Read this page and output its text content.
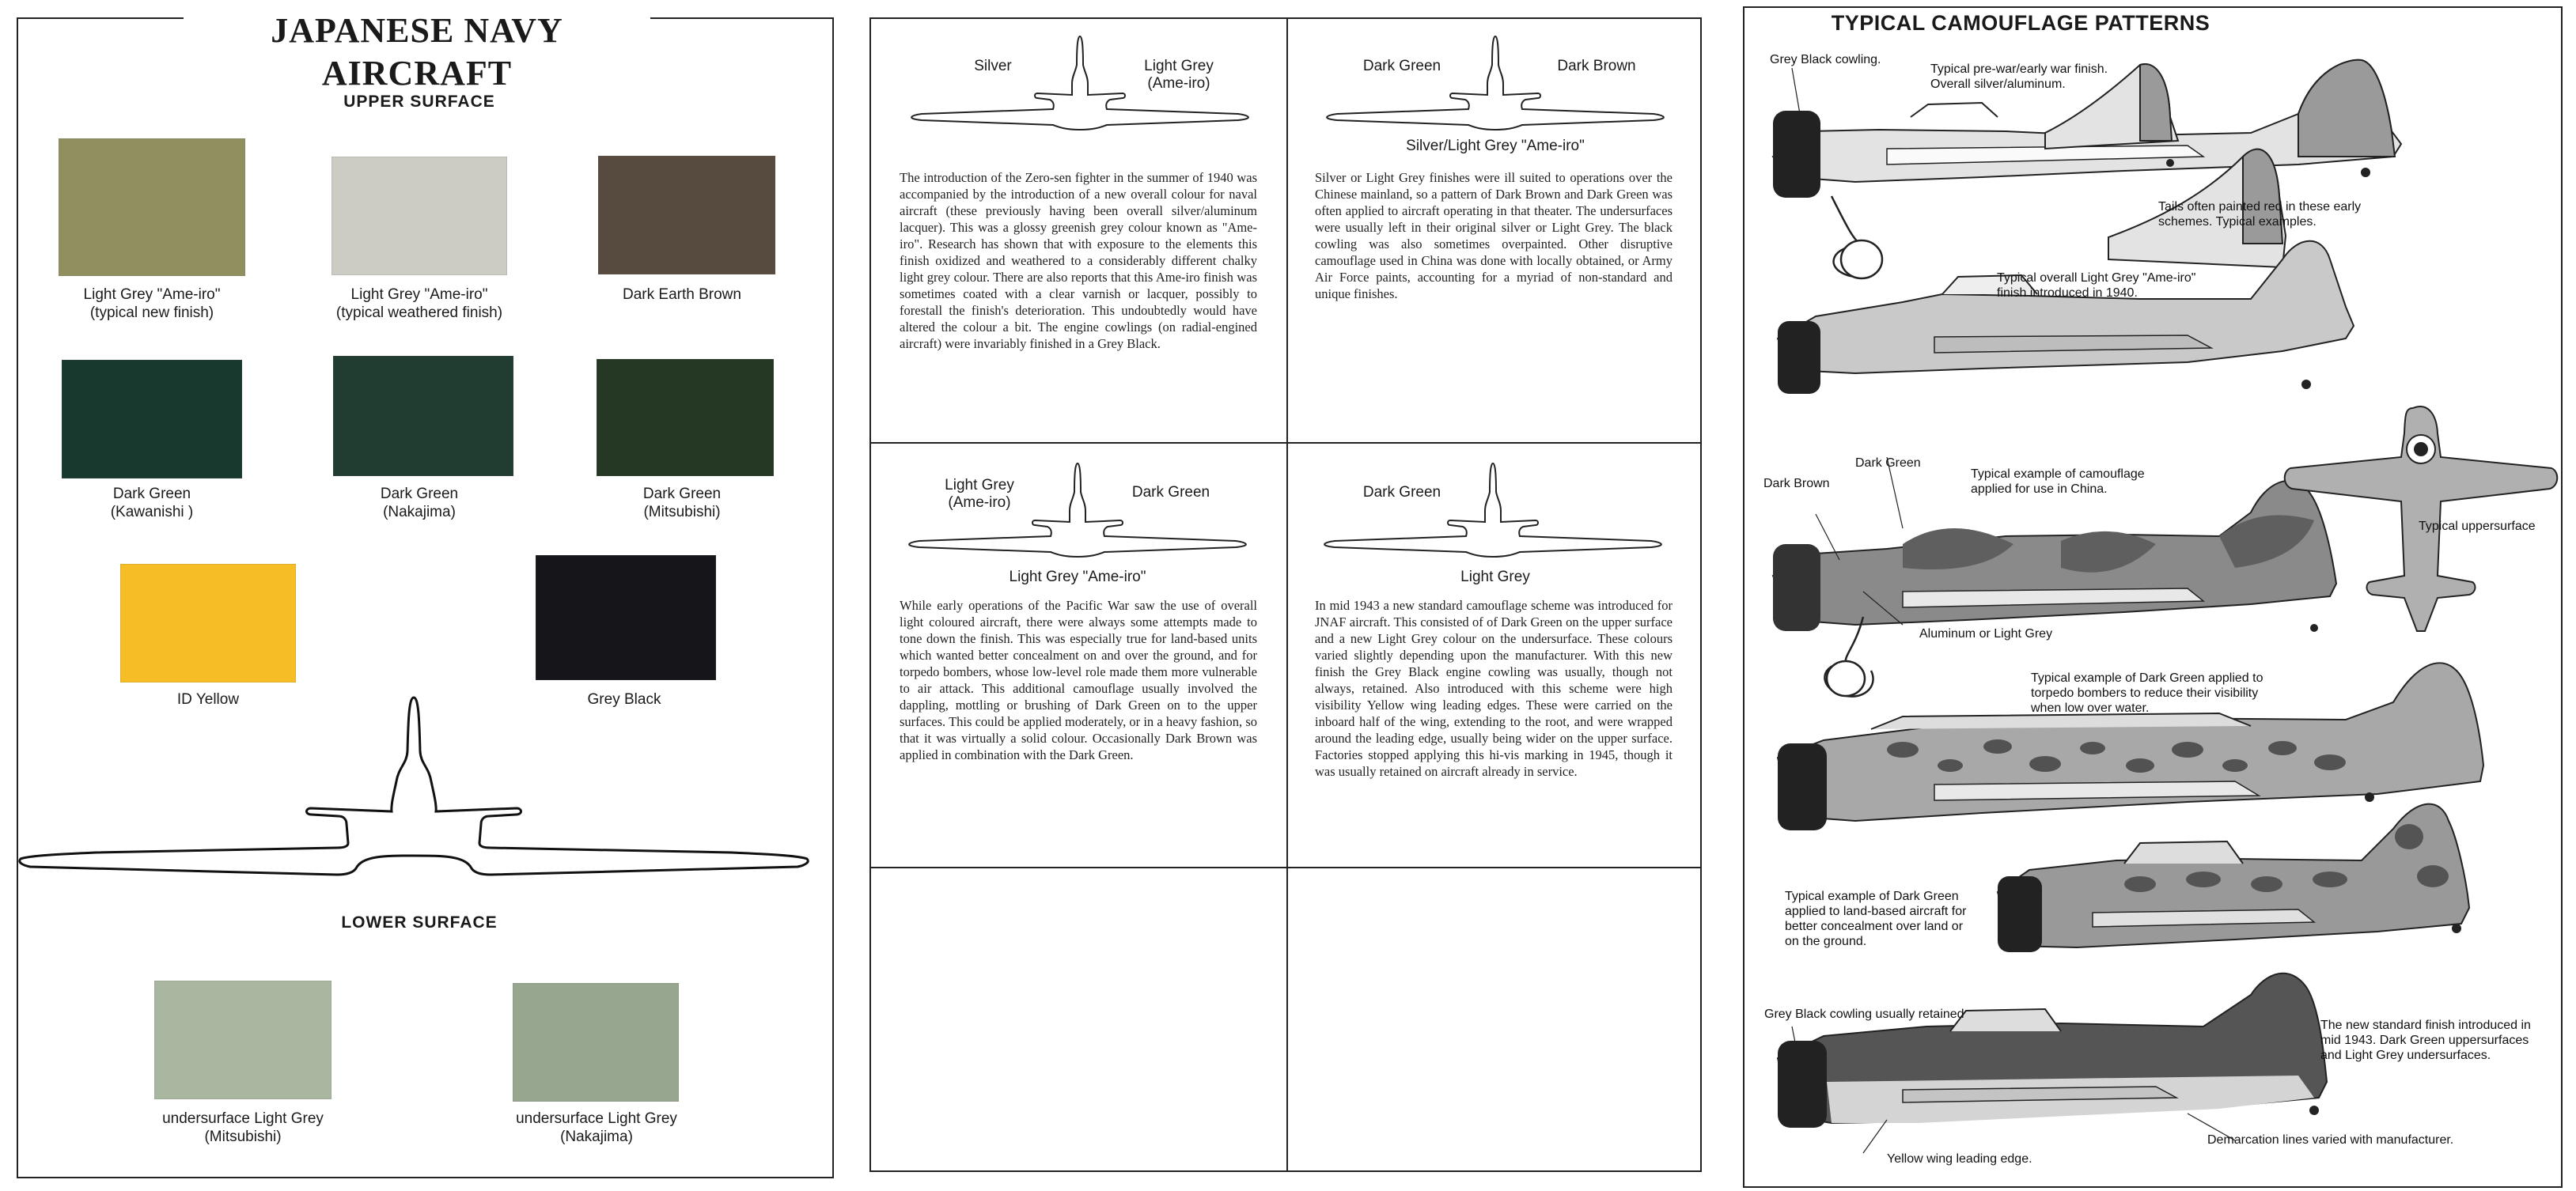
JAPANESE NAVY AIRCRAFT
UPPER SURFACE
Light Grey "Ame-iro"
(typical new finish)
Light Grey "Ame-iro"
(typical weathered finish)
Dark Earth Brown
Dark Green
(Kawanishi )
Dark Green
(Nakajima)
Dark Green
(Mitsubishi)
ID Yellow	Grey Black
LOWER SURFACE
undersurface Light Grey
(Mitsubishi)
undersurface Light Grey
(Nakajima)
Silver	Light Grey
(Ame-iro)
The introduction of the Zero-sen fighter in the summer of 1940 was accompanied by the introduction of a new overall colour for naval aircraft (these previously having been overall silver/aluminum lacquer). This was a glossy greenish grey colour known as "Ame-iro". Research has shown that with exposure to the elements this finish oxidized and weathered to a considerably different chalky light grey colour. There are also reports that this Ame-iro finish was sometimes coated with a clear varnish or lacquer, possibly to forestall the finish's deterioration. This undoubtedly would have altered the colour a bit. The engine cowlings (on radial-engined aircraft) were invariably finished in a Grey Black.
Dark Green	Dark Brown
Silver/Light Grey "Ame-iro"
Silver or Light Grey finishes were ill suited to operations over the Chinese mainland, so a pattern of Dark Brown and Dark Green was often applied to aircraft operating in that theater. The undersurfaces were usually left in their original silver or Light Grey. The black cowling was also sometimes overpainted. Other disruptive camouflage used in China was done with locally obtained, or Army Air Force paints, accounting for a myriad of non-standard and unique finishes.
Light Grey
(Ame-iro)
Dark Green
Light Grey "Ame-iro"
While early operations of the Pacific War saw the use of overall light coloured aircraft, there were always some attempts made to tone down the finish. This was especially true for land-based units which wanted better concealment on and over the ground, and for torpedo bombers, whose low-level role made them more vulnerable to air attack. This additional camouflage usually involved the dappling, mottling or brushing of Dark Green on to the upper surfaces. This could be applied moderately, or in a heavy fashion, so that it was virtually a solid colour. Occasionally Dark Brown was applied in combination with the Dark Green.
Dark Green
Light Grey
In mid 1943 a new standard camouflage scheme was introduced for JNAF aircraft. This consisted of of Dark Green on the upper surface and a new Light Grey colour on the undersurface. These colours varied slightly depending upon the manufacturer. With this new finish the Grey Black engine cowling was usually, though not always, retained. Also introduced with this scheme were high visibility Yellow wing leading edges. These were carried on the inboard half of the wing, extending to the root, and were wrapped around the leading edge, usually being wider on the upper surface. Factories stopped applying this hi-vis marking in 1945, though it was usually retained on aircraft already in service.
TYPICAL CAMOUFLAGE PATTERNS
Grey Black cowling.
Typical pre-war/early war finish.
Overall silver/aluminum.
Tails often painted red in these early
schemes. Typical examples.
Typical overall Light Grey "Ame-iro"
finish introduced in 1940.
Dark Green
Dark Brown
Typical example of camouflage
applied for use in China.
Typical uppersurface
Aluminum or Light Grey
Typical example of Dark Green applied to
torpedo bombers to reduce their visibility
when low over water.
Typical example of Dark Green
applied to land-based aircraft for
better concealment over land or
on the ground.
Grey Black cowling usually retained
The new standard finish introduced in
mid 1943. Dark Green uppersurfaces
and Light Grey undersurfaces.
Demarcation lines varied with manufacturer.
Yellow wing leading edge.
